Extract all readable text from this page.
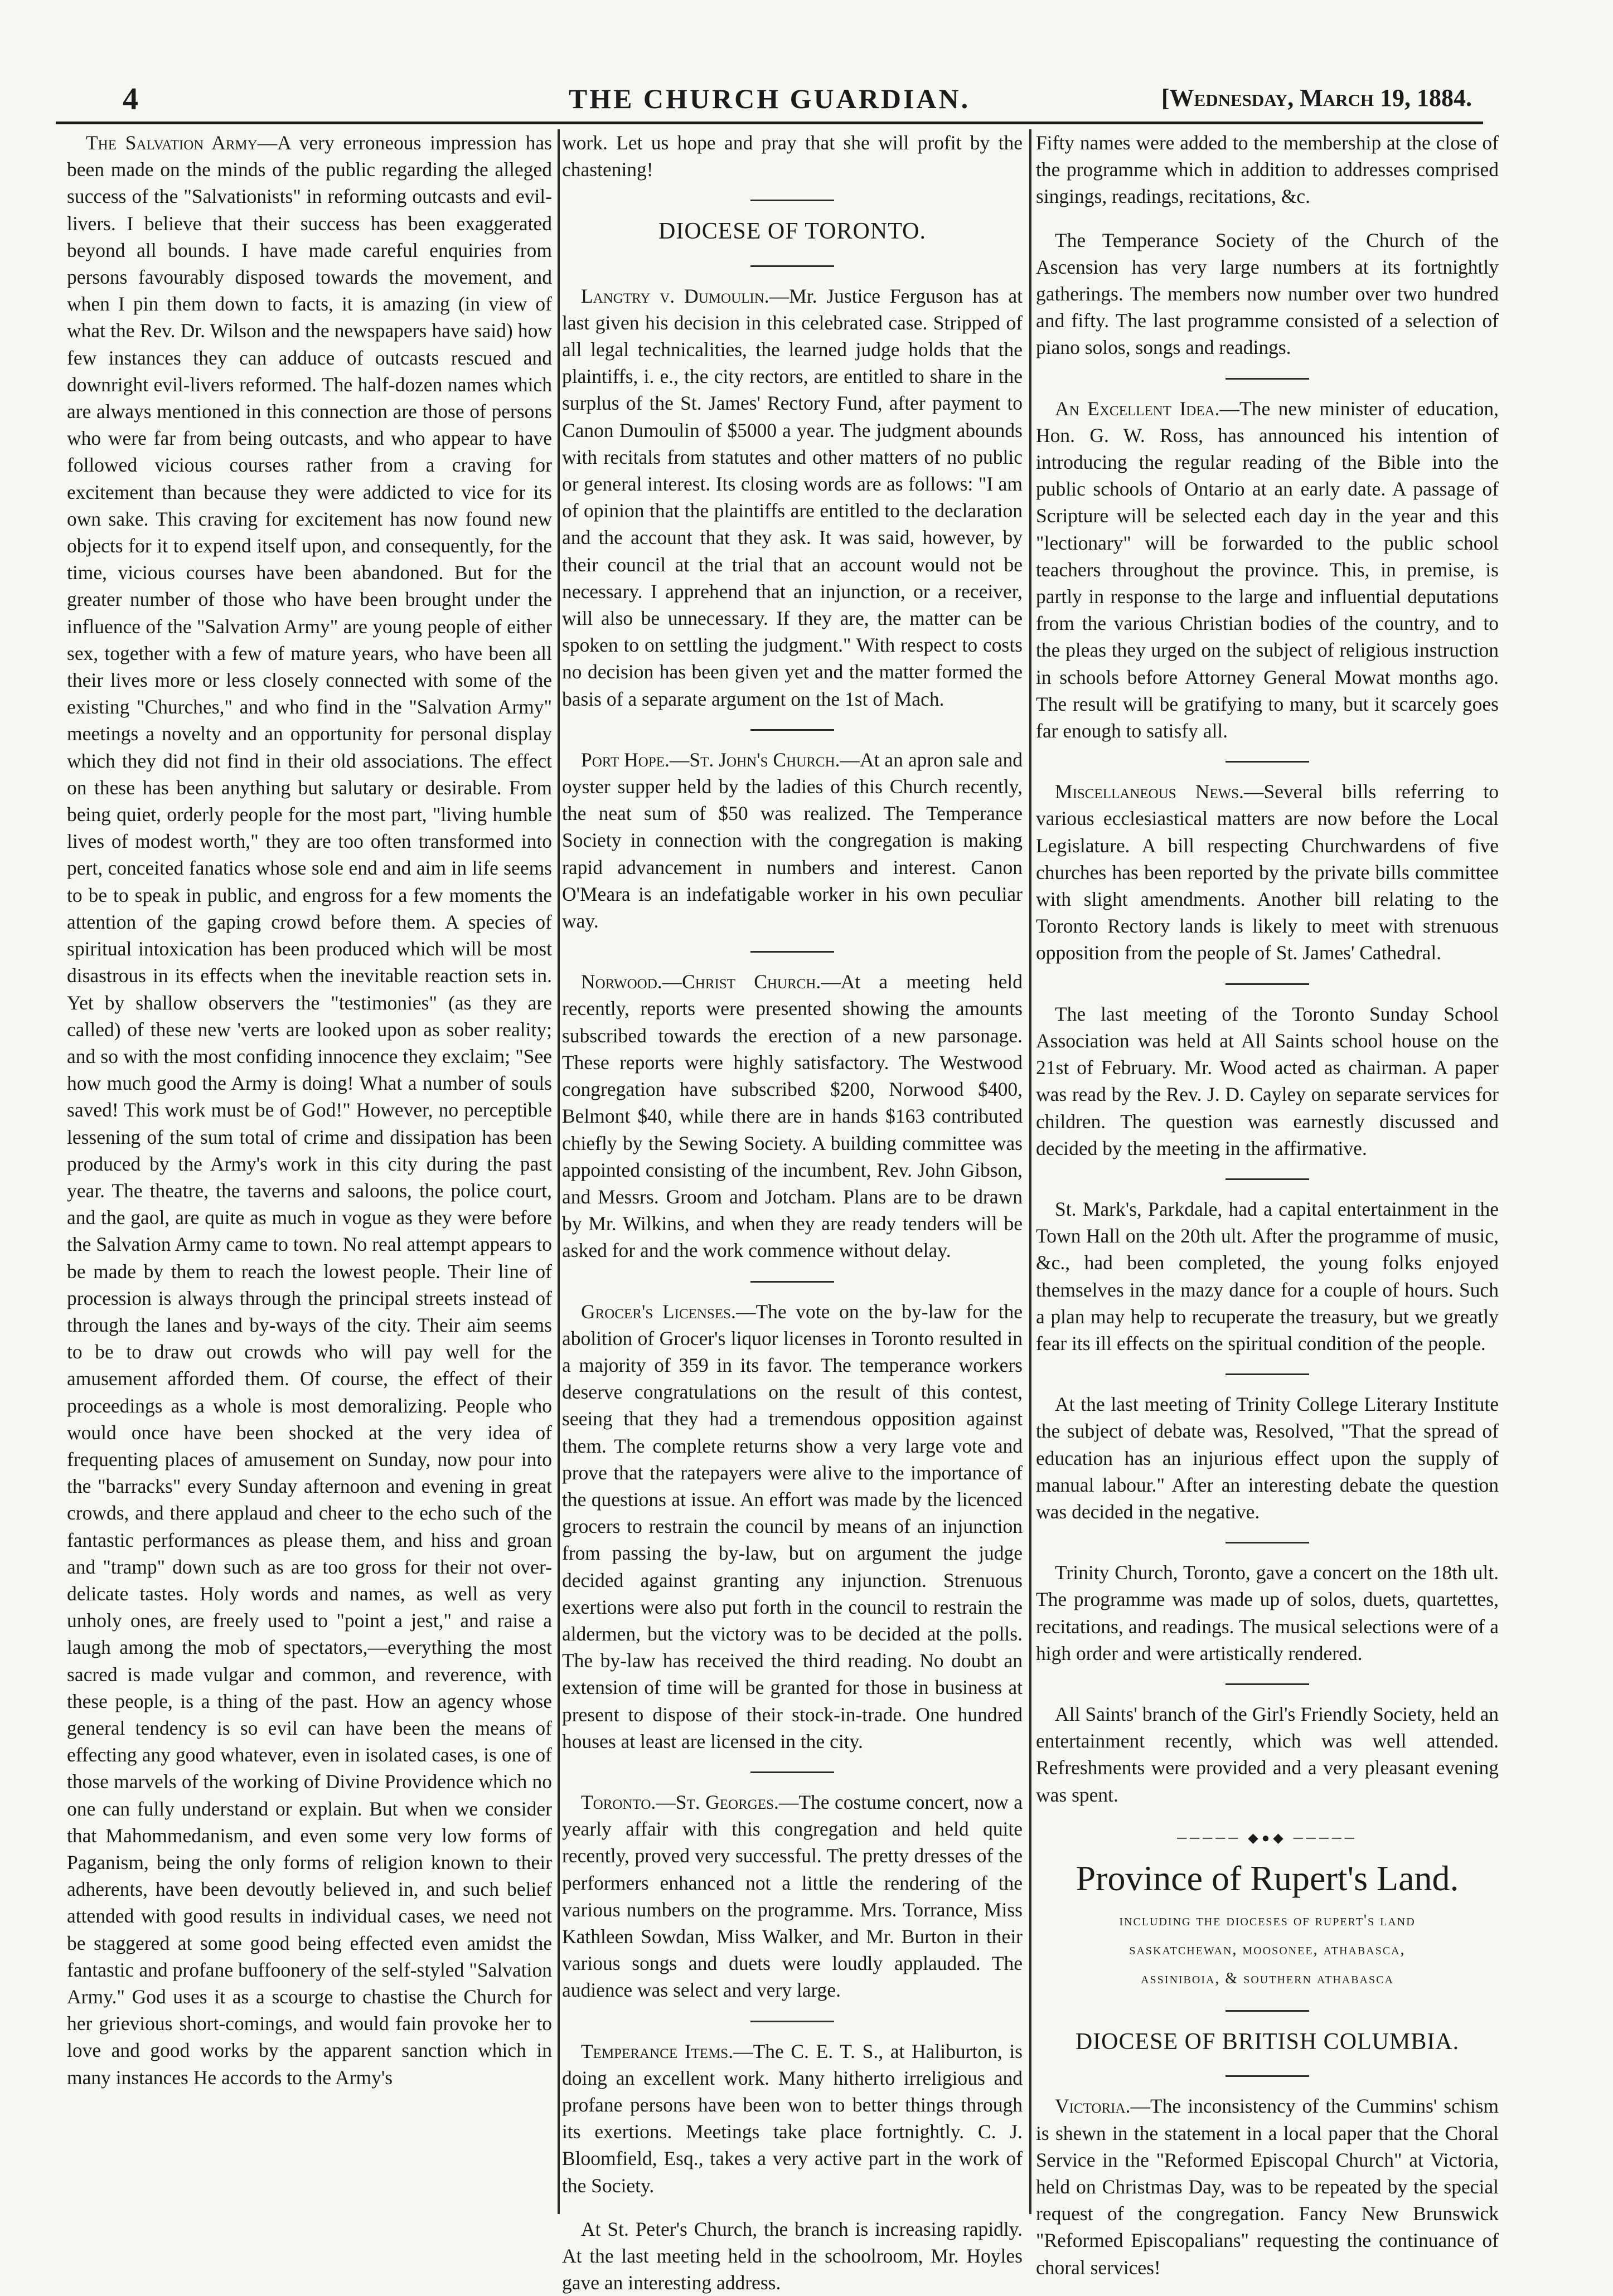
4	THE CHURCH GUARDIAN.	[Wednesday, March 19, 1884.

The Salvation Army—A very erroneous impression has been made on the minds of the public regarding the alleged success of the "Salvationists" in reforming outcasts and evil-livers. I believe that their success has been exaggerated beyond all bounds. I have made careful enquiries from persons favourably disposed towards the movement, and when I pin them down to facts, it is amazing (in view of what the Rev. Dr. Wilson and the newspapers have said) how few instances they can adduce of outcasts rescued and downright evil-livers reformed. The half-dozen names which are always mentioned in this connection are those of persons who were far from being outcasts, and who appear to have followed vicious courses rather from a craving for excitement than because they were addicted to vice for its own sake. This craving for excitement has now found new objects for it to expend itself upon, and consequently, for the time, vicious courses have been abandoned. But for the greater number of those who have been brought under the influence of the "Salvation Army" are young people of either sex, together with a few of mature years, who have been all their lives more or less closely connected with some of the existing "Churches," and who find in the "Salvation Army" meetings a novelty and an opportunity for personal display which they did not find in their old associations. The effect on these has been anything but salutary or desirable. From being quiet, orderly people for the most part, "living humble lives of modest worth," they are too often transformed into pert, conceited fanatics whose sole end and aim in life seems to be to speak in public, and engross for a few moments the attention of the gaping crowd before them. A species of spiritual intoxication has been produced which will be most disastrous in its effects when the inevitable reaction sets in. Yet by shallow observers the "testimonies" (as they are called) of these new 'verts are looked upon as sober reality; and so with the most confiding innocence they exclaim; "See how much good the Army is doing! What a number of souls saved! This work must be of God!" However, no perceptible lessening of the sum total of crime and dissipation has been produced by the Army's work in this city during the past year. The theatre, the taverns and saloons, the police court, and the gaol, are quite as much in vogue as they were before the Salvation Army came to town. No real attempt appears to be made by them to reach the lowest people. Their line of procession is always through the principal streets instead of through the lanes and by-ways of the city. Their aim seems to be to draw out crowds who will pay well for the amusement afforded them. Of course, the effect of their proceedings as a whole is most demoralizing. People who would once have been shocked at the very idea of frequenting places of amusement on Sunday, now pour into the "barracks" every Sunday afternoon and evening in great crowds, and there applaud and cheer to the echo such of the fantastic performances as please them, and hiss and groan and "tramp" down such as are too gross for their not over-delicate tastes. Holy words and names, as well as very unholy ones, are freely used to "point a jest," and raise a laugh among the mob of spectators,—everything the most sacred is made vulgar and common, and reverence, with these people, is a thing of the past. How an agency whose general tendency is so evil can have been the means of effecting any good whatever, even in isolated cases, is one of those marvels of the working of Divine Providence which no one can fully understand or explain. But when we consider that Mahommedanism, and even some very low forms of Paganism, being the only forms of religion known to their adherents, have been devoutly believed in, and such belief attended with good results in individual cases, we need not be staggered at some good being effected even amidst the fantastic and profane buffoonery of the self-styled "Salvation Army." God uses it as a scourge to chastise the Church for her grievious short-comings, and would fain provoke her to love and good works by the apparent sanction which in many instances He accords to the Army's

work. Let us hope and pray that she will profit by the chastening!

DIOCESE OF TORONTO.

Langtry v. Dumoulin.—Mr. Justice Ferguson has at last given his decision in this celebrated case. Stripped of all legal technicalities, the learned judge holds that the plaintiffs, i. e., the city rectors, are entitled to share in the surplus of the St. James' Rectory Fund, after payment to Canon Dumoulin of $5000 a year. The judgment abounds with recitals from statutes and other matters of no public or general interest. Its closing words are as follows: "I am of opinion that the plaintiffs are entitled to the declaration and the account that they ask. It was said, however, by their council at the trial that an account would not be necessary. I apprehend that an injunction, or a receiver, will also be unnecessary. If they are, the matter can be spoken to on settling the judgment." With respect to costs no decision has been given yet and the matter formed the basis of a separate argument on the 1st of Mach.

Port Hope.—St. John's Church.—At an apron sale and oyster supper held by the ladies of this Church recently, the neat sum of $50 was realized. The Temperance Society in connection with the congregation is making rapid advancement in numbers and interest. Canon O'Meara is an indefatigable worker in his own peculiar way.

Norwood.—Christ Church.—At a meeting held recently, reports were presented showing the amounts subscribed towards the erection of a new parsonage. These reports were highly satisfactory. The Westwood congregation have subscribed $200, Norwood $400, Belmont $40, while there are in hands $163 contributed chiefly by the Sewing Society. A building committee was appointed consisting of the incumbent, Rev. John Gibson, and Messrs. Groom and Jotcham. Plans are to be drawn by Mr. Wilkins, and when they are ready tenders will be asked for and the work commence without delay.

Grocer's Licenses.—The vote on the by-law for the abolition of Grocer's liquor licenses in Toronto resulted in a majority of 359 in its favor. The temperance workers deserve congratulations on the result of this contest, seeing that they had a tremendous opposition against them. The complete returns show a very large vote and prove that the ratepayers were alive to the importance of the questions at issue. An effort was made by the licenced grocers to restrain the council by means of an injunction from passing the by-law, but on argument the judge decided against granting any injunction. Strenuous exertions were also put forth in the council to restrain the aldermen, but the victory was to be decided at the polls. The by-law has received the third reading. No doubt an extension of time will be granted for those in business at present to dispose of their stock-in-trade. One hundred houses at least are licensed in the city.

Toronto.—St. Georges.—The costume concert, now a yearly affair with this congregation and held quite recently, proved very successful. The pretty dresses of the performers enhanced not a little the rendering of the various numbers on the programme. Mrs. Torrance, Miss Kathleen Sowdan, Miss Walker, and Mr. Burton in their various songs and duets were loudly applauded. The audience was select and very large.

Temperance Items.—The C. E. T. S., at Haliburton, is doing an excellent work. Many hitherto irreligious and profane persons have been won to better things through its exertions. Meetings take place fortnightly. C. J. Bloomfield, Esq., takes a very active part in the work of the Society.

At St. Peter's Church, the branch is increasing rapidly. At the last meeting held in the schoolroom, Mr. Hoyles gave an interesting address.

Fifty names were added to the membership at the close of the programme which in addition to addresses comprised singings, readings, recitations, &c.

The Temperance Society of the Church of the Ascension has very large numbers at its fortnightly gatherings. The members now number over two hundred and fifty. The last programme consisted of a selection of piano solos, songs and readings.

An Excellent Idea.—The new minister of education, Hon. G. W. Ross, has announced his intention of introducing the regular reading of the Bible into the public schools of Ontario at an early date. A passage of Scripture will be selected each day in the year and this "lectionary" will be forwarded to the public school teachers throughout the province. This, in premise, is partly in response to the large and influential deputations from the various Christian bodies of the country, and to the pleas they urged on the subject of religious instruction in schools before Attorney General Mowat months ago. The result will be gratifying to many, but it scarcely goes far enough to satisfy all.

Miscellaneous News.—Several bills referring to various ecclesiastical matters are now before the Local Legislature. A bill respecting Churchwardens of five churches has been reported by the private bills committee with slight amendments. Another bill relating to the Toronto Rectory lands is likely to meet with strenuous opposition from the people of St. James' Cathedral.

The last meeting of the Toronto Sunday School Association was held at All Saints school house on the 21st of February. Mr. Wood acted as chairman. A paper was read by the Rev. J. D. Cayley on separate services for children. The question was earnestly discussed and decided by the meeting in the affirmative.

St. Mark's, Parkdale, had a capital entertainment in the Town Hall on the 20th ult. After the programme of music, &c., had been completed, the young folks enjoyed themselves in the mazy dance for a couple of hours. Such a plan may help to recuperate the treasury, but we greatly fear its ill effects on the spiritual condition of the people.

At the last meeting of Trinity College Literary Institute the subject of debate was, Resolved, "That the spread of education has an injurious effect upon the supply of manual labour." After an interesting debate the question was decided in the negative.

Trinity Church, Toronto, gave a concert on the 18th ult. The programme was made up of solos, duets, quartettes, recitations, and readings. The musical selections were of a high order and were artistically rendered.

All Saints' branch of the Girl's Friendly Society, held an entertainment recently, which was well attended. Refreshments were provided and a very pleasant evening was spent.

───── ◆●◆ ─────
Province of Rupert's Land.
including the dioceses of rupert's land
saskatchewan, moosonee, athabasca,
assiniboia, & southern athabasca
DIOCESE OF BRITISH COLUMBIA.

Victoria.—The inconsistency of the Cummins' schism is shewn in the statement in a local paper that the Choral Service in the "Reformed Episcopal Church" at Victoria, held on Christmas Day, was to be repeated by the special request of the congregation. Fancy New Brunswick "Reformed Episcopalians" requesting the continuance of choral services!
